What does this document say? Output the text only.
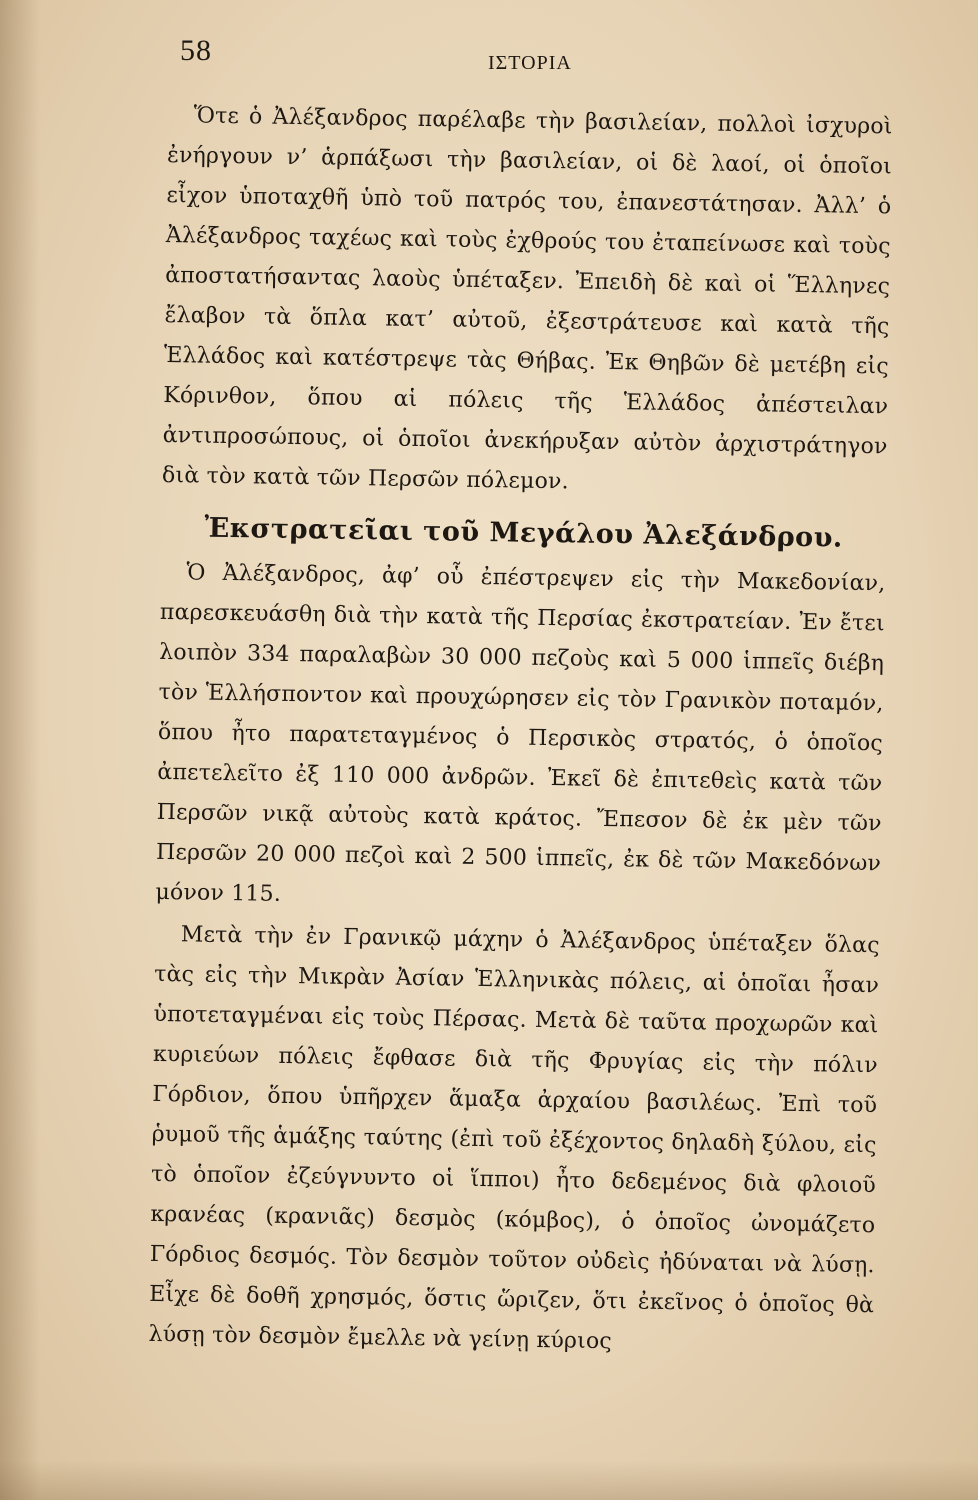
58	ΙΣΤΟΡΙΑ

Ὅτε ὁ Ἀλέξανδρος παρέλαβε τὴν βασιλείαν, πολλοὶ ἰσχυροὶ ἐνήργουν ν’ ἁρπάξωσι τὴν βασιλείαν, οἱ δὲ λαοί, οἱ ὁποῖοι εἶχον ὑποταχθῆ ὑπὸ τοῦ πατρός του, ἐπανεστάτησαν. Ἀλλ’ ὁ Ἀλέξανδρος ταχέως καὶ τοὺς ἐχθρούς του ἐταπείνωσε καὶ τοὺς ἀποστατήσαντας λαοὺς ὑπέταξεν. Ἐπειδὴ δὲ καὶ οἱ Ἕλληνες ἔλαβον τὰ ὅπλα κατ’ αὐτοῦ, ἐξεστράτευσε καὶ κατὰ τῆς Ἑλλάδος καὶ κατέστρεψε τὰς Θήβας. Ἐκ Θηβῶν δὲ μετέβη εἰς Κόρινθον, ὅπου αἱ πόλεις τῆς Ἑλλάδος ἀπέστειλαν ἀντιπροσώπους, οἱ ὁποῖοι ἀνεκήρυξαν αὐτὸν ἀρχιστράτηγον διὰ τὸν κατὰ τῶν Περσῶν πόλεμον.

Ἐκστρατεῖαι τοῦ Μεγάλου Ἀλεξάνδρου.

Ὁ Ἀλέξανδρος, ἀφ’ οὗ ἐπέστρεψεν εἰς τὴν Μακεδονίαν, παρεσκευάσθη διὰ τὴν κατὰ τῆς Περσίας ἐκστρατείαν. Ἐν ἔτει λοιπὸν 334 παραλαβὼν 30 000 πεζοὺς καὶ 5 000 ἱππεῖς διέβη τὸν Ἑλλήσποντον καὶ προυχώρησεν εἰς τὸν Γρανικὸν ποταμόν, ὅπου ἦτο παρατεταγμένος ὁ Περσικὸς στρατός, ὁ ὁποῖος ἀπετελεῖτο ἐξ 110 000 ἀνδρῶν. Ἐκεῖ δὲ ἐπιτεθεὶς κατὰ τῶν Περσῶν νικᾷ αὐτοὺς κατὰ κράτος. Ἔπεσον δὲ ἐκ μὲν τῶν Περσῶν 20 000 πεζοὶ καὶ 2 500 ἱππεῖς, ἐκ δὲ τῶν Μακεδόνων μόνον 115.

Μετὰ τὴν ἐν Γρανικῷ μάχην ὁ Ἀλέξανδρος ὑπέταξεν ὅλας τὰς εἰς τὴν Μικρὰν Ἀσίαν Ἑλληνικὰς πόλεις, αἱ ὁποῖαι ἦσαν ὑποτεταγμέναι εἰς τοὺς Πέρσας. Μετὰ δὲ ταῦτα προχωρῶν καὶ κυριεύων πόλεις ἔφθασε διὰ τῆς Φρυγίας εἰς τὴν πόλιν Γόρδιον, ὅπου ὑπῆρχεν ἅμαξα ἀρχαίου βασιλέως. Ἐπὶ τοῦ ῥυμοῦ τῆς ἁμάξης ταύτης (ἐπὶ τοῦ ἐξέχοντος δηλαδὴ ξύλου, εἰς τὸ ὁποῖον ἐζεύγνυντο οἱ ἵπποι) ἦτο δεδεμένος διὰ φλοιοῦ κρανέας (κρανιᾶς) δεσμὸς (κόμβος), ὁ ὁποῖος ὠνομάζετο Γόρδιος δεσμός. Τὸν δεσμὸν τοῦτον οὐδεὶς ἠδύναται νὰ λύσῃ. Εἶχε δὲ δοθῆ χρησμός, ὅστις ὥριζεν, ὅτι ἐκεῖνος ὁ ὁποῖος θὰ λύσῃ τὸν δεσμὸν ἔμελλε νὰ γείνῃ κύριος
